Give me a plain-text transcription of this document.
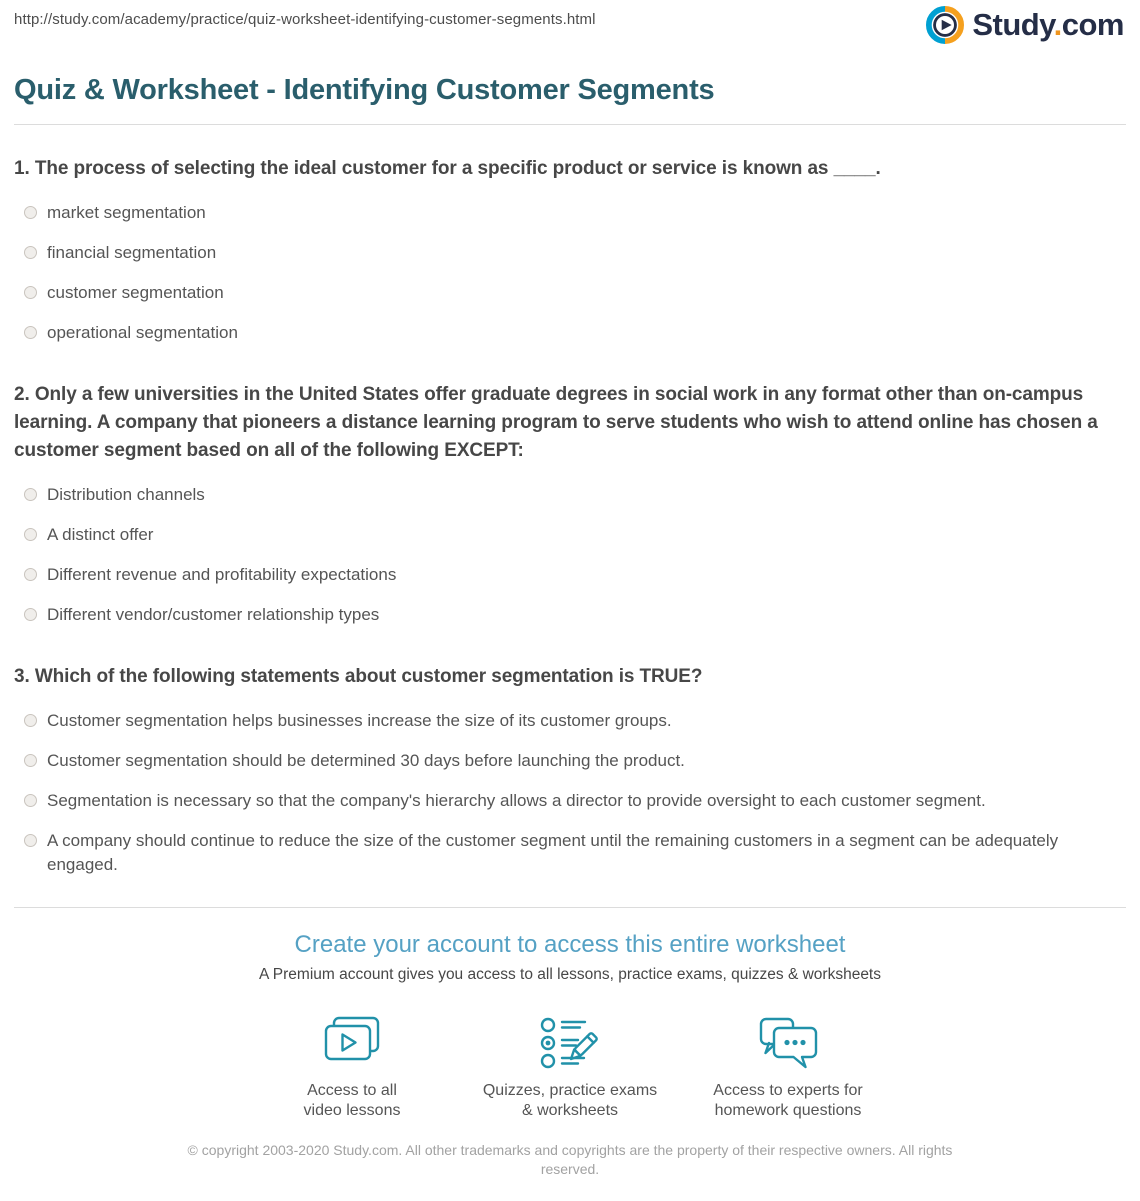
http://study.com/academy/practice/quiz-worksheet-identifying-customer-segments.html	Study.com
Quiz & Worksheet - Identifying Customer Segments
1. The process of selecting the ideal customer for a specific product or service is known as ____.
market segmentation
financial segmentation
customer segmentation
operational segmentation
2. Only a few universities in the United States offer graduate degrees in social work in any format other than on-campus learning. A company that pioneers a distance learning program to serve students who wish to attend online has chosen a customer segment based on all of the following EXCEPT:
Distribution channels
A distinct offer
Different revenue and profitability expectations
Different vendor/customer relationship types
3. Which of the following statements about customer segmentation is TRUE?
Customer segmentation helps businesses increase the size of its customer groups.
Customer segmentation should be determined 30 days before launching the product.
Segmentation is necessary so that the company's hierarchy allows a director to provide oversight to each customer segment.
A company should continue to reduce the size of the customer segment until the remaining customers in a segment can be adequately engaged.
Create your account to access this entire worksheet
A Premium account gives you access to all lessons, practice exams, quizzes & worksheets
Access to all
video lessons
Quizzes, practice exams
& worksheets
Access to experts for
homework questions
© copyright 2003-2020 Study.com. All other trademarks and copyrights are the property of their respective owners. All rights reserved.
